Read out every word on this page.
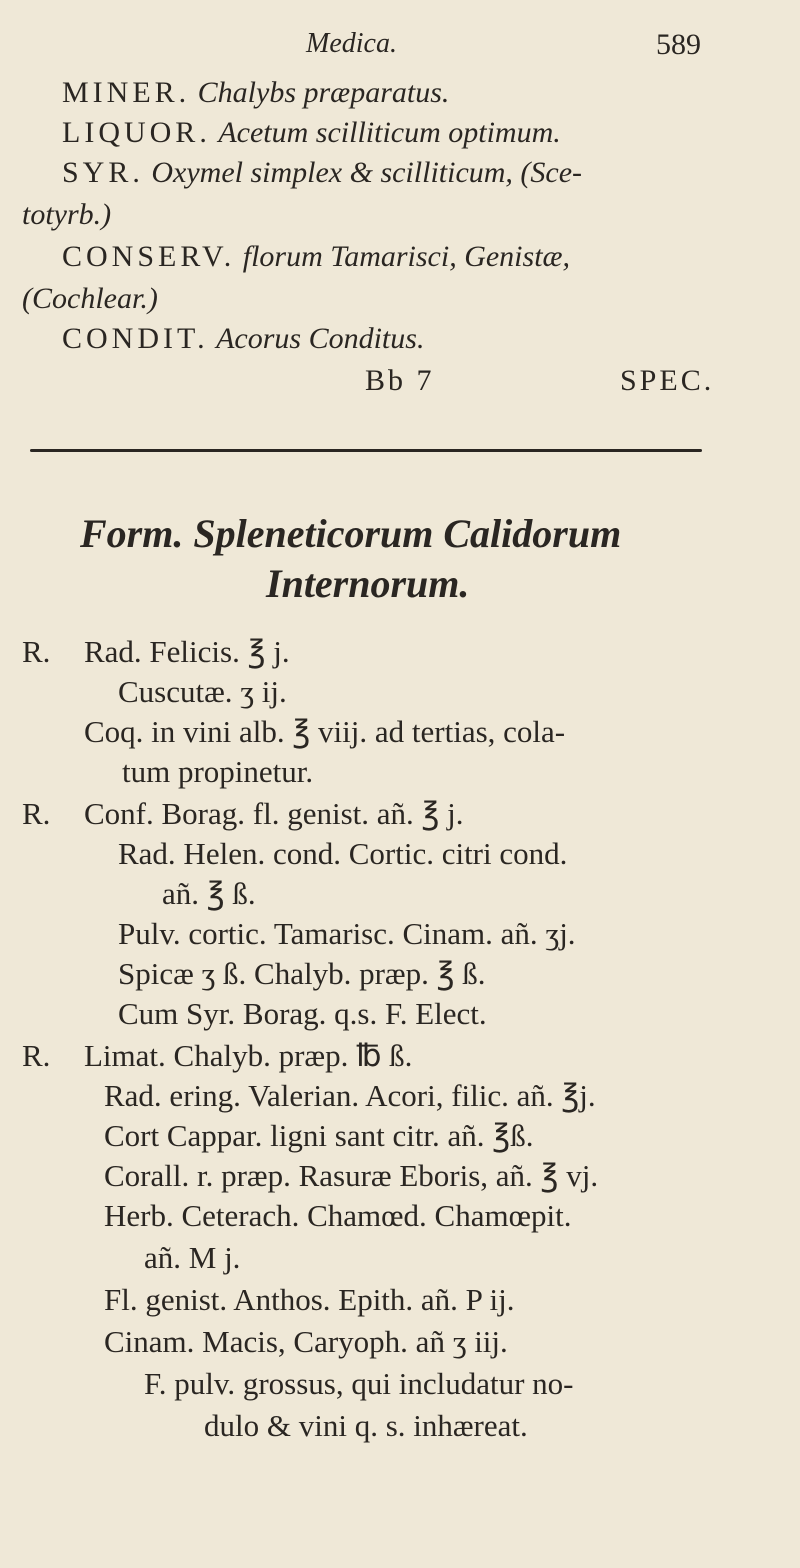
Medica.	589
MINER. Chalybs præparatus.
LIQUOR. Acetum scilliticum optimum.
SYR. Oxymel simplex & scilliticum, (Sce-
totyrb.)
CONSERV. florum Tamarisci, Genistæ,
(Cochlear.)
CONDIT. Acorus Conditus.
Bb 7	SPEC.
Form. Spleneticorum Calidorum
Internorum.
R. Rad. Felicis. ℥ j.
Cuscutæ. ʒ ij.
Coq. in vini alb. ℥ viij. ad tertias, cola-
tum propinetur.
R. Conf. Borag. fl. genist. añ. ℥ j.
Rad. Helen. cond. Cortic. citri cond.
añ. ℥ ß.
Pulv. cortic. Tamarisc. Cinam. añ. ʒj.
Spicæ ʒ ß. Chalyb. præp. ℥ ß.
Cum Syr. Borag. q.s. F. Elect.
R. Limat. Chalyb. præp. ℔ ß.
Rad. ering. Valerian. Acori, filic. añ. ℥j.
Cort Cappar. ligni sant citr. añ. ℥ß.
Corall. r. præp. Rasuræ Eboris, añ. ℥ vj.
Herb. Ceterach. Chamœd. Chamœpit.
añ. M j.
Fl. genist. Anthos. Epith. añ. P ij.
Cinam. Macis, Caryoph. añ ʒ iij.
F. pulv. grossus, qui includatur no-
dulo & vini q. s. inhæreat.
